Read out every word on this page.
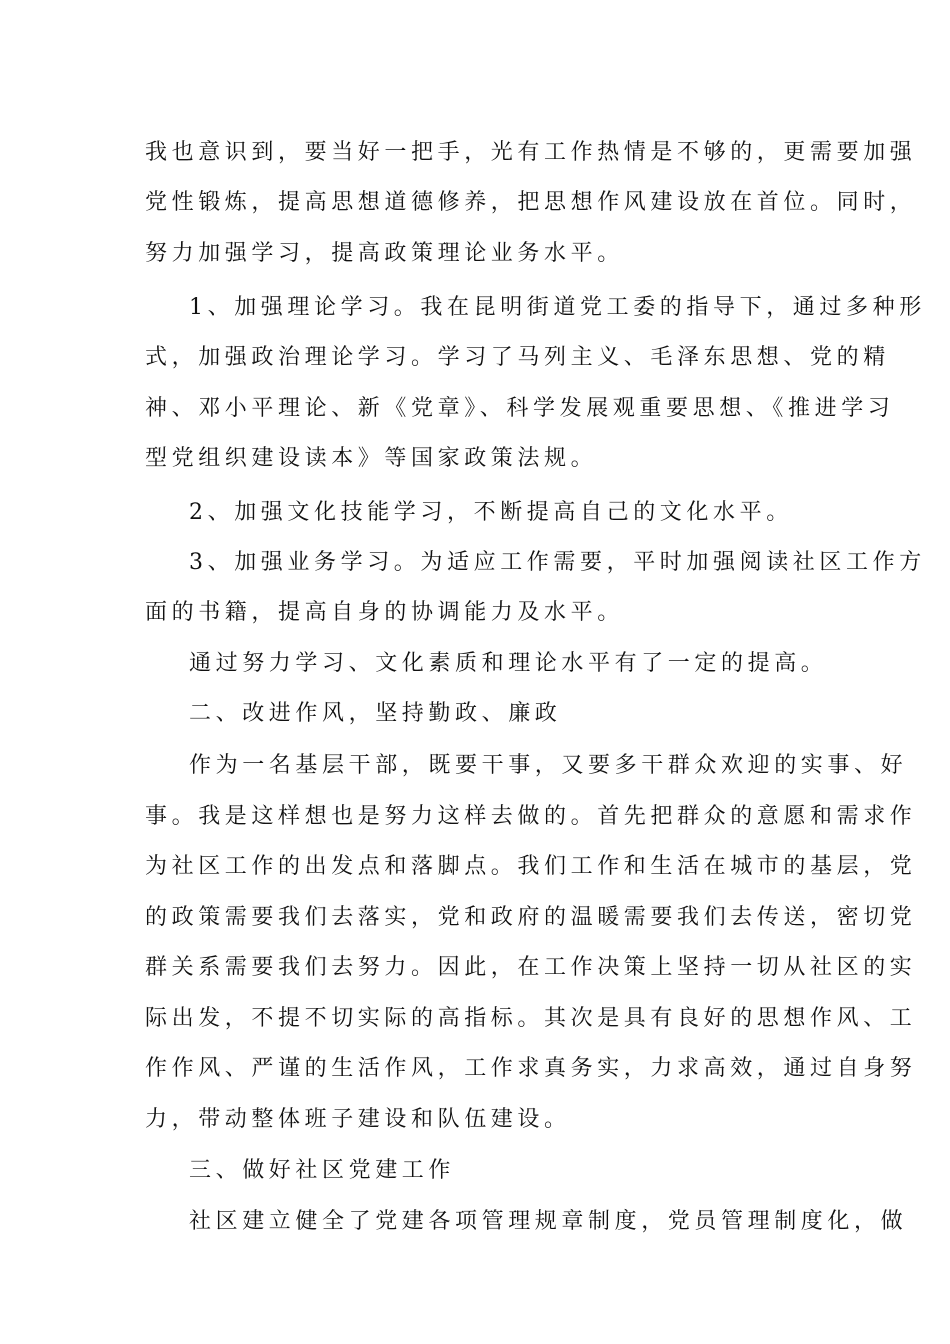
我也意识到，要当好一把手，光有工作热情是不够的，更需要加强
党性锻炼，提高思想道德修养，把思想作风建设放在首位。同时，
努力加强学习，提高政策理论业务水平。
1、加强理论学习。我在昆明街道党工委的指导下，通过多种形
式，加强政治理论学习。学习了马列主义、毛泽东思想、党的精
神、邓小平理论、新《党章》、科学发展观重要思想、《推进学习
型党组织建设读本》等国家政策法规。
2、加强文化技能学习，不断提高自己的文化水平。
3、加强业务学习。为适应工作需要，平时加强阅读社区工作方
面的书籍，提高自身的协调能力及水平。
通过努力学习、文化素质和理论水平有了一定的提高。
二、改进作风，坚持勤政、廉政
作为一名基层干部，既要干事，又要多干群众欢迎的实事、好
事。我是这样想也是努力这样去做的。首先把群众的意愿和需求作
为社区工作的出发点和落脚点。我们工作和生活在城市的基层，党
的政策需要我们去落实，党和政府的温暖需要我们去传送，密切党
群关系需要我们去努力。因此，在工作决策上坚持一切从社区的实
际出发，不提不切实际的高指标。其次是具有良好的思想作风、工
作作风、严谨的生活作风，工作求真务实，力求高效，通过自身努
力，带动整体班子建设和队伍建设。
三、做好社区党建工作
社区建立健全了党建各项管理规章制度，党员管理制度化，做
